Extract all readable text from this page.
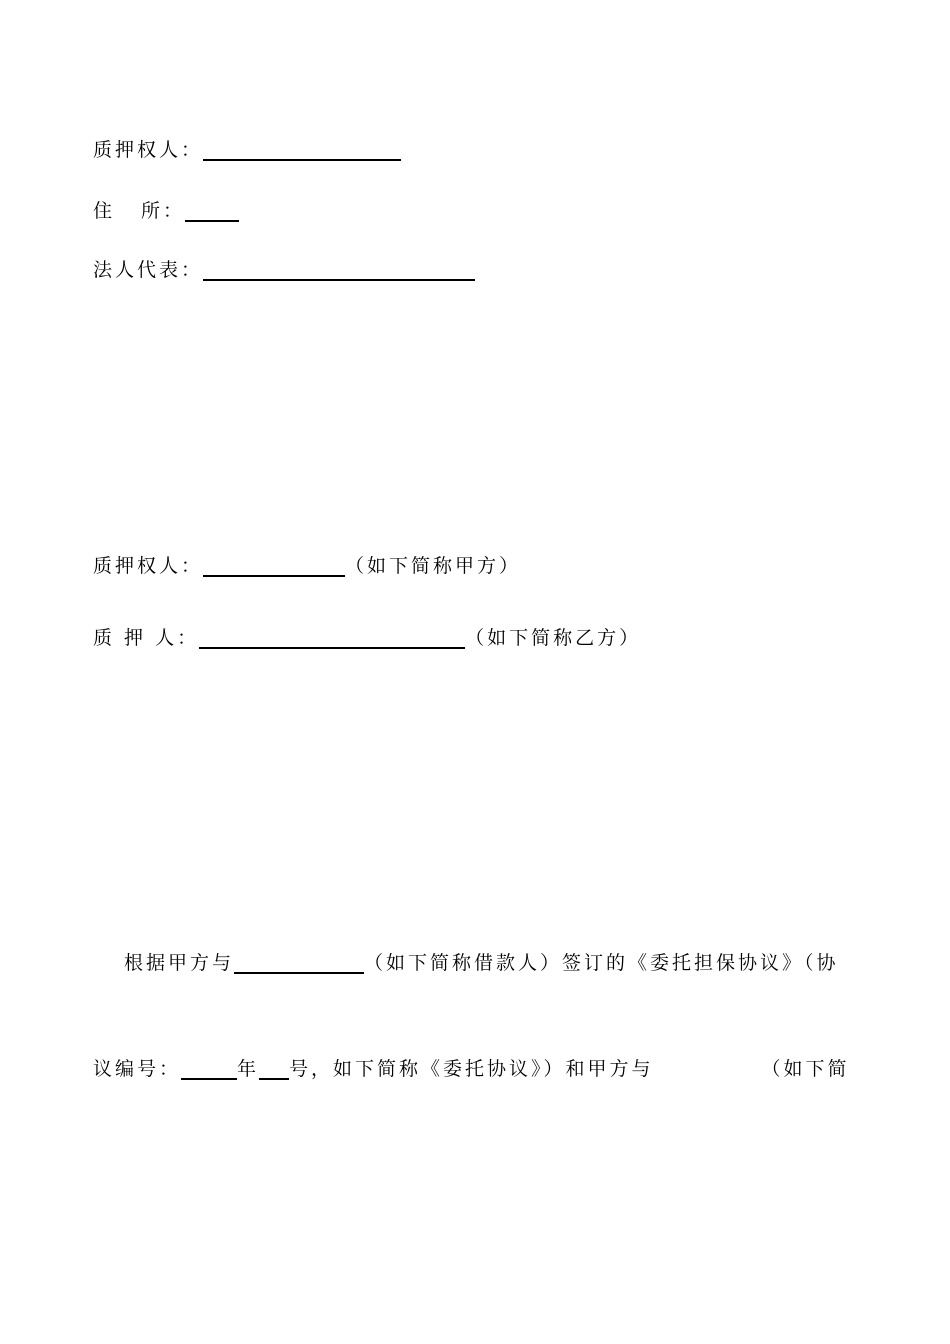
质押权人：
住 所：
法人代表：
质押权人：	（如下简称甲方）
质 押 人：	（如下简称乙方）
根据甲方与	（如下简称借款人）签订的《委托担保协议》（协
议编号：	年 号，如下简称《委托协议》）和甲方与	（如下简
